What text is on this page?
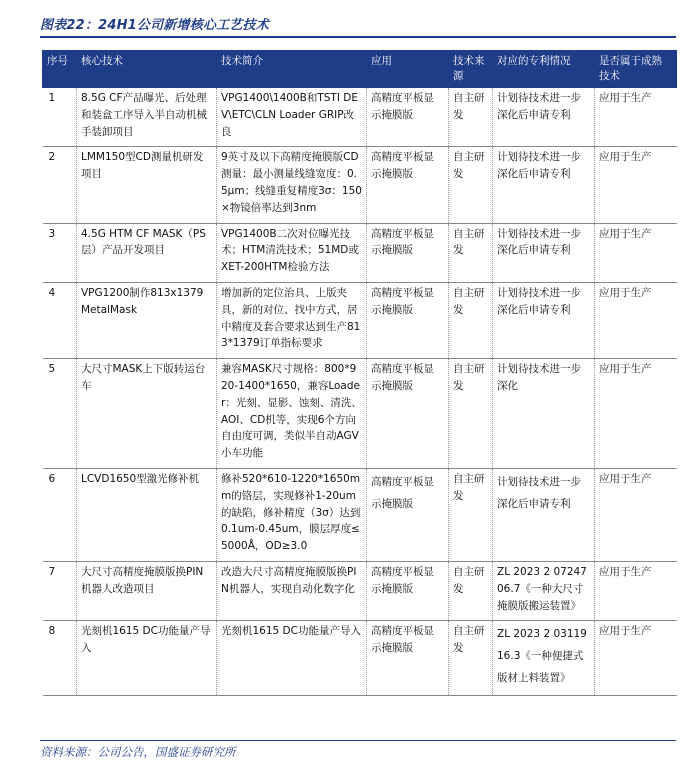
图表22：24H1公司新增核心工艺技术
序号	核心技术	技术简介	应用	技术来源	对应的专利情况	是否属于成熟技术
1	8.5G CF产品曝光、后处理和装盒工序导入半自动机械手装卸项目	VPG1400\1400B和TSTI DEV\ETC\CLN Loader GRIP改良	高精度平板显示掩膜版	自主研发	计划待技术进一步深化后申请专利	应用于生产
2	LMM150型CD测量机研发项目	9英寸及以下高精度掩膜版CD测量：最小测量线缝宽度：0.5μm；线缝重复精度3σ：150×物镜倍率达到3nm	高精度平板显示掩膜版	自主研发	计划待技术进一步深化后申请专利	应用于生产
3	4.5G HTM CF MASK（PS层）产品开发项目	VPG1400B二次对位曝光技术；HTM清洗技术；51MD或XET-200HTM检验方法	高精度平板显示掩膜版	自主研发	计划待技术进一步深化后申请专利	应用于生产
4	VPG1200制作813x1379MetalMask	增加新的定位治具、上版夹具，新的对位、找中方式，居中精度及套合要求达到生产813*1379订单指标要求	高精度平板显示掩膜版	自主研发	计划待技术进一步深化后申请专利	应用于生产
5	大尺寸MASK上下版转运台车	兼容MASK尺寸规格：800*920-1400*1650，兼容Loader：光刻、显影、蚀刻、清洗、AOI、CD机等，实现6个方向自由度可调，类似半自动AGV小车功能	高精度平板显示掩膜版	自主研发	计划待技术进一步深化	应用于生产
6	LCVD1650型激光修补机	修补520*610-1220*1650mm的铬层，实现修补1-20um的缺陷，修补精度（3σ）达到0.1um-0.45um，膜层厚度≤5000Å，OD≥3.0	高精度平板显示掩膜版	自主研发	计划待技术进一步深化后申请专利	应用于生产
7	大尺寸高精度掩膜版换PIN机器人改造项目	改造大尺寸高精度掩膜版换PIN机器人，实现自动化数字化	高精度平板显示掩膜版	自主研发	ZL 2023 2 0724706.7《一种大尺寸掩膜版搬运装置》	应用于生产
8	光刻机1615 DC功能量产导入	光刻机1615 DC功能量产导入	高精度平板显示掩膜版	自主研发	ZL 2023 2 0311916.3《一种便捷式版材上料装置》	应用于生产
资料来源：公司公告，国盛证券研究所
